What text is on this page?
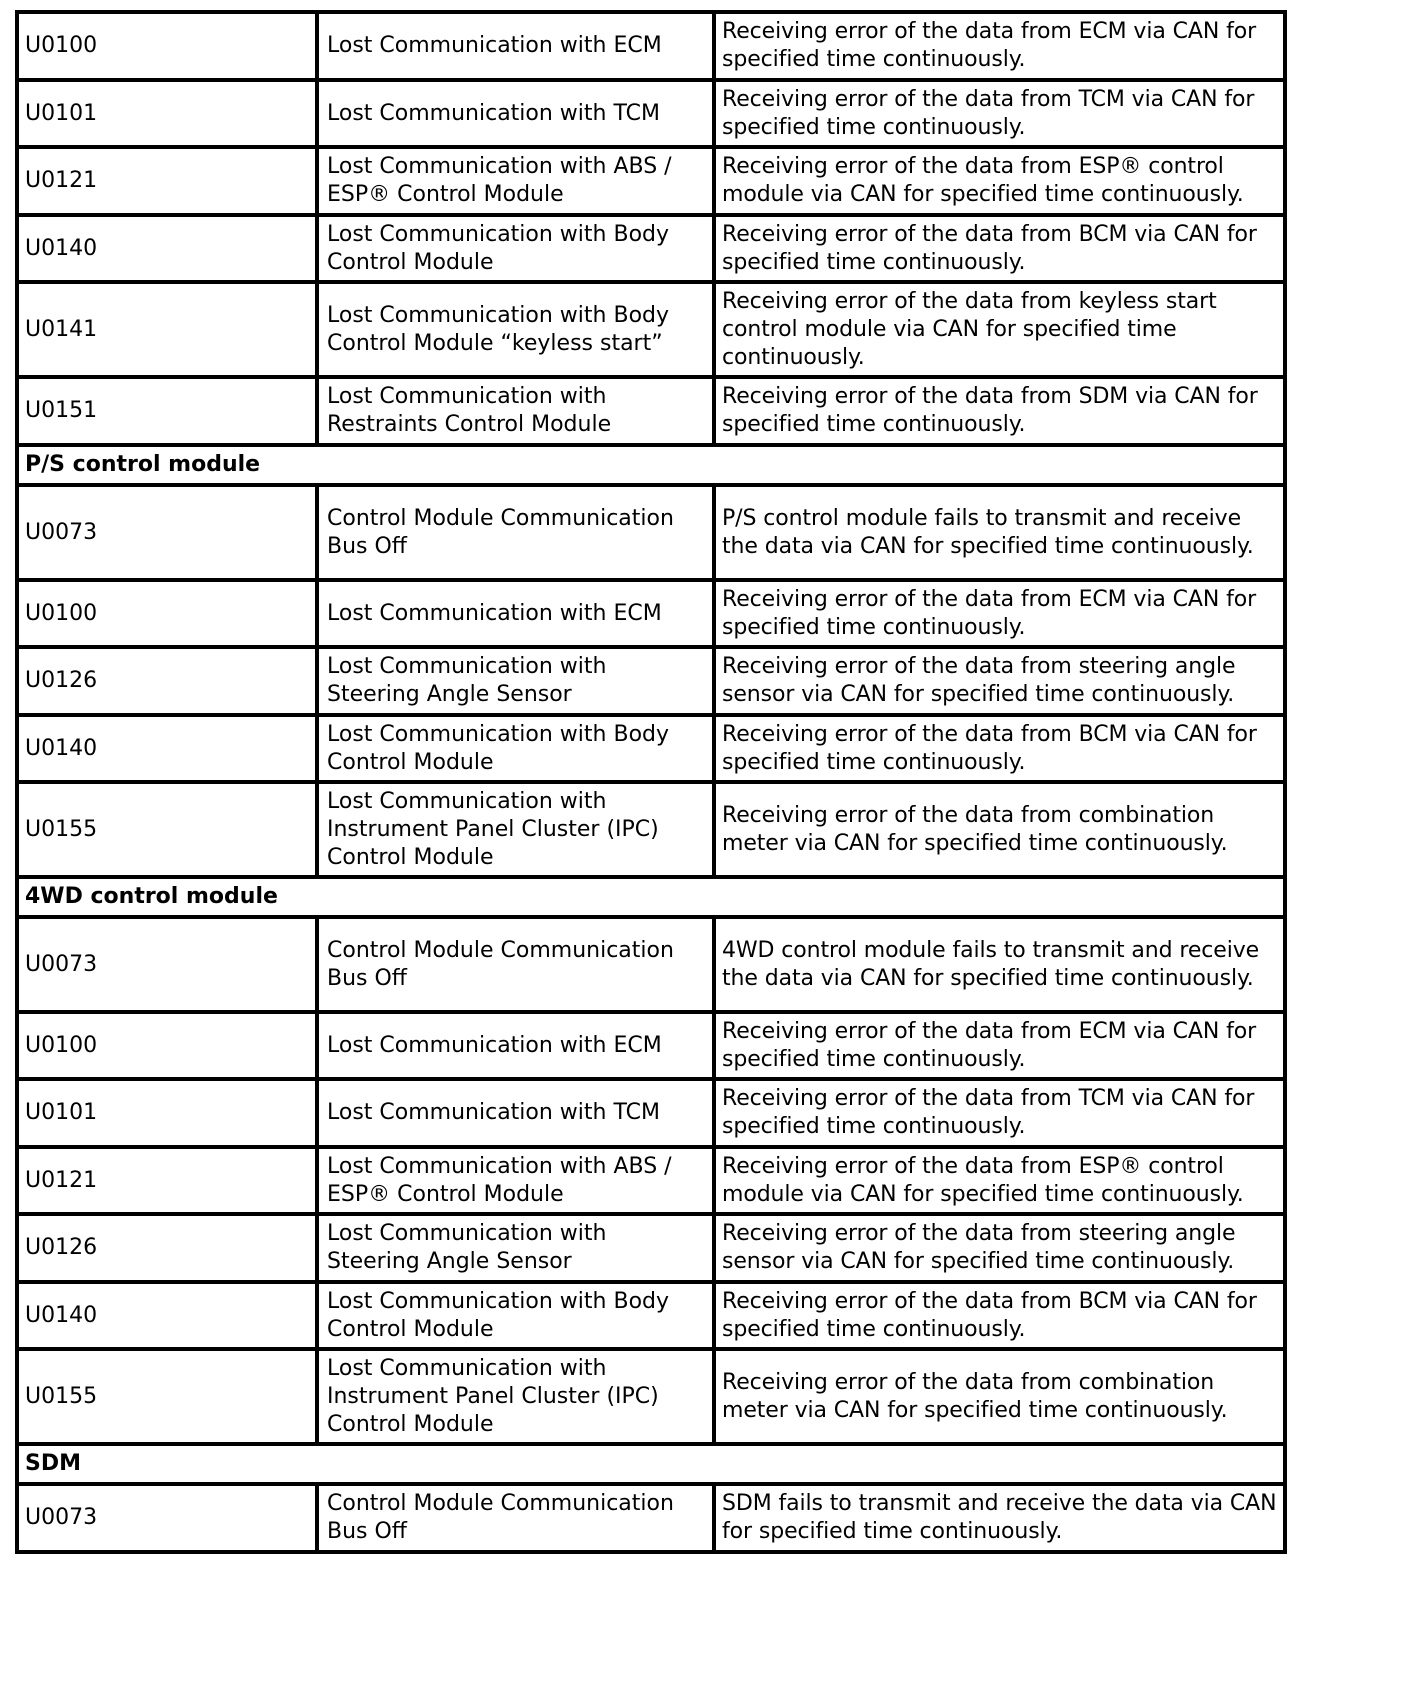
U0100	Lost Communication with ECM	Receiving error of the data from ECM via CAN for specified time continuously.
U0101	Lost Communication with TCM	Receiving error of the data from TCM via CAN for specified time continuously.
U0121	Lost Communication with ABS / ESP® Control Module	Receiving error of the data from ESP® control module via CAN for specified time continuously.
U0140	Lost Communication with Body Control Module	Receiving error of the data from BCM via CAN for specified time continuously.
U0141	Lost Communication with Body Control Module “keyless start”	Receiving error of the data from keyless start control module via CAN for specified time continuously.
U0151	Lost Communication with Restraints Control Module	Receiving error of the data from SDM via CAN for specified time continuously.
P/S control module		
U0073	Control Module Communication Bus Off	P/S control module fails to transmit and receive the data via CAN for specified time continuously.
U0100	Lost Communication with ECM	Receiving error of the data from ECM via CAN for specified time continuously.
U0126	Lost Communication with Steering Angle Sensor	Receiving error of the data from steering angle sensor via CAN for specified time continuously.
U0140	Lost Communication with Body Control Module	Receiving error of the data from BCM via CAN for specified time continuously.
U0155	Lost Communication with Instrument Panel Cluster (IPC) Control Module	Receiving error of the data from combination meter via CAN for specified time continuously.
4WD control module		
U0073	Control Module Communication Bus Off	4WD control module fails to transmit and receive the data via CAN for specified time continuously.
U0100	Lost Communication with ECM	Receiving error of the data from ECM via CAN for specified time continuously.
U0101	Lost Communication with TCM	Receiving error of the data from TCM via CAN for specified time continuously.
U0121	Lost Communication with ABS / ESP® Control Module	Receiving error of the data from ESP® control module via CAN for specified time continuously.
U0126	Lost Communication with Steering Angle Sensor	Receiving error of the data from steering angle sensor via CAN for specified time continuously.
U0140	Lost Communication with Body Control Module	Receiving error of the data from BCM via CAN for specified time continuously.
U0155	Lost Communication with Instrument Panel Cluster (IPC) Control Module	Receiving error of the data from combination meter via CAN for specified time continuously.
SDM		
U0073	Control Module Communication Bus Off	SDM fails to transmit and receive the data via CAN for specified time continuously.
